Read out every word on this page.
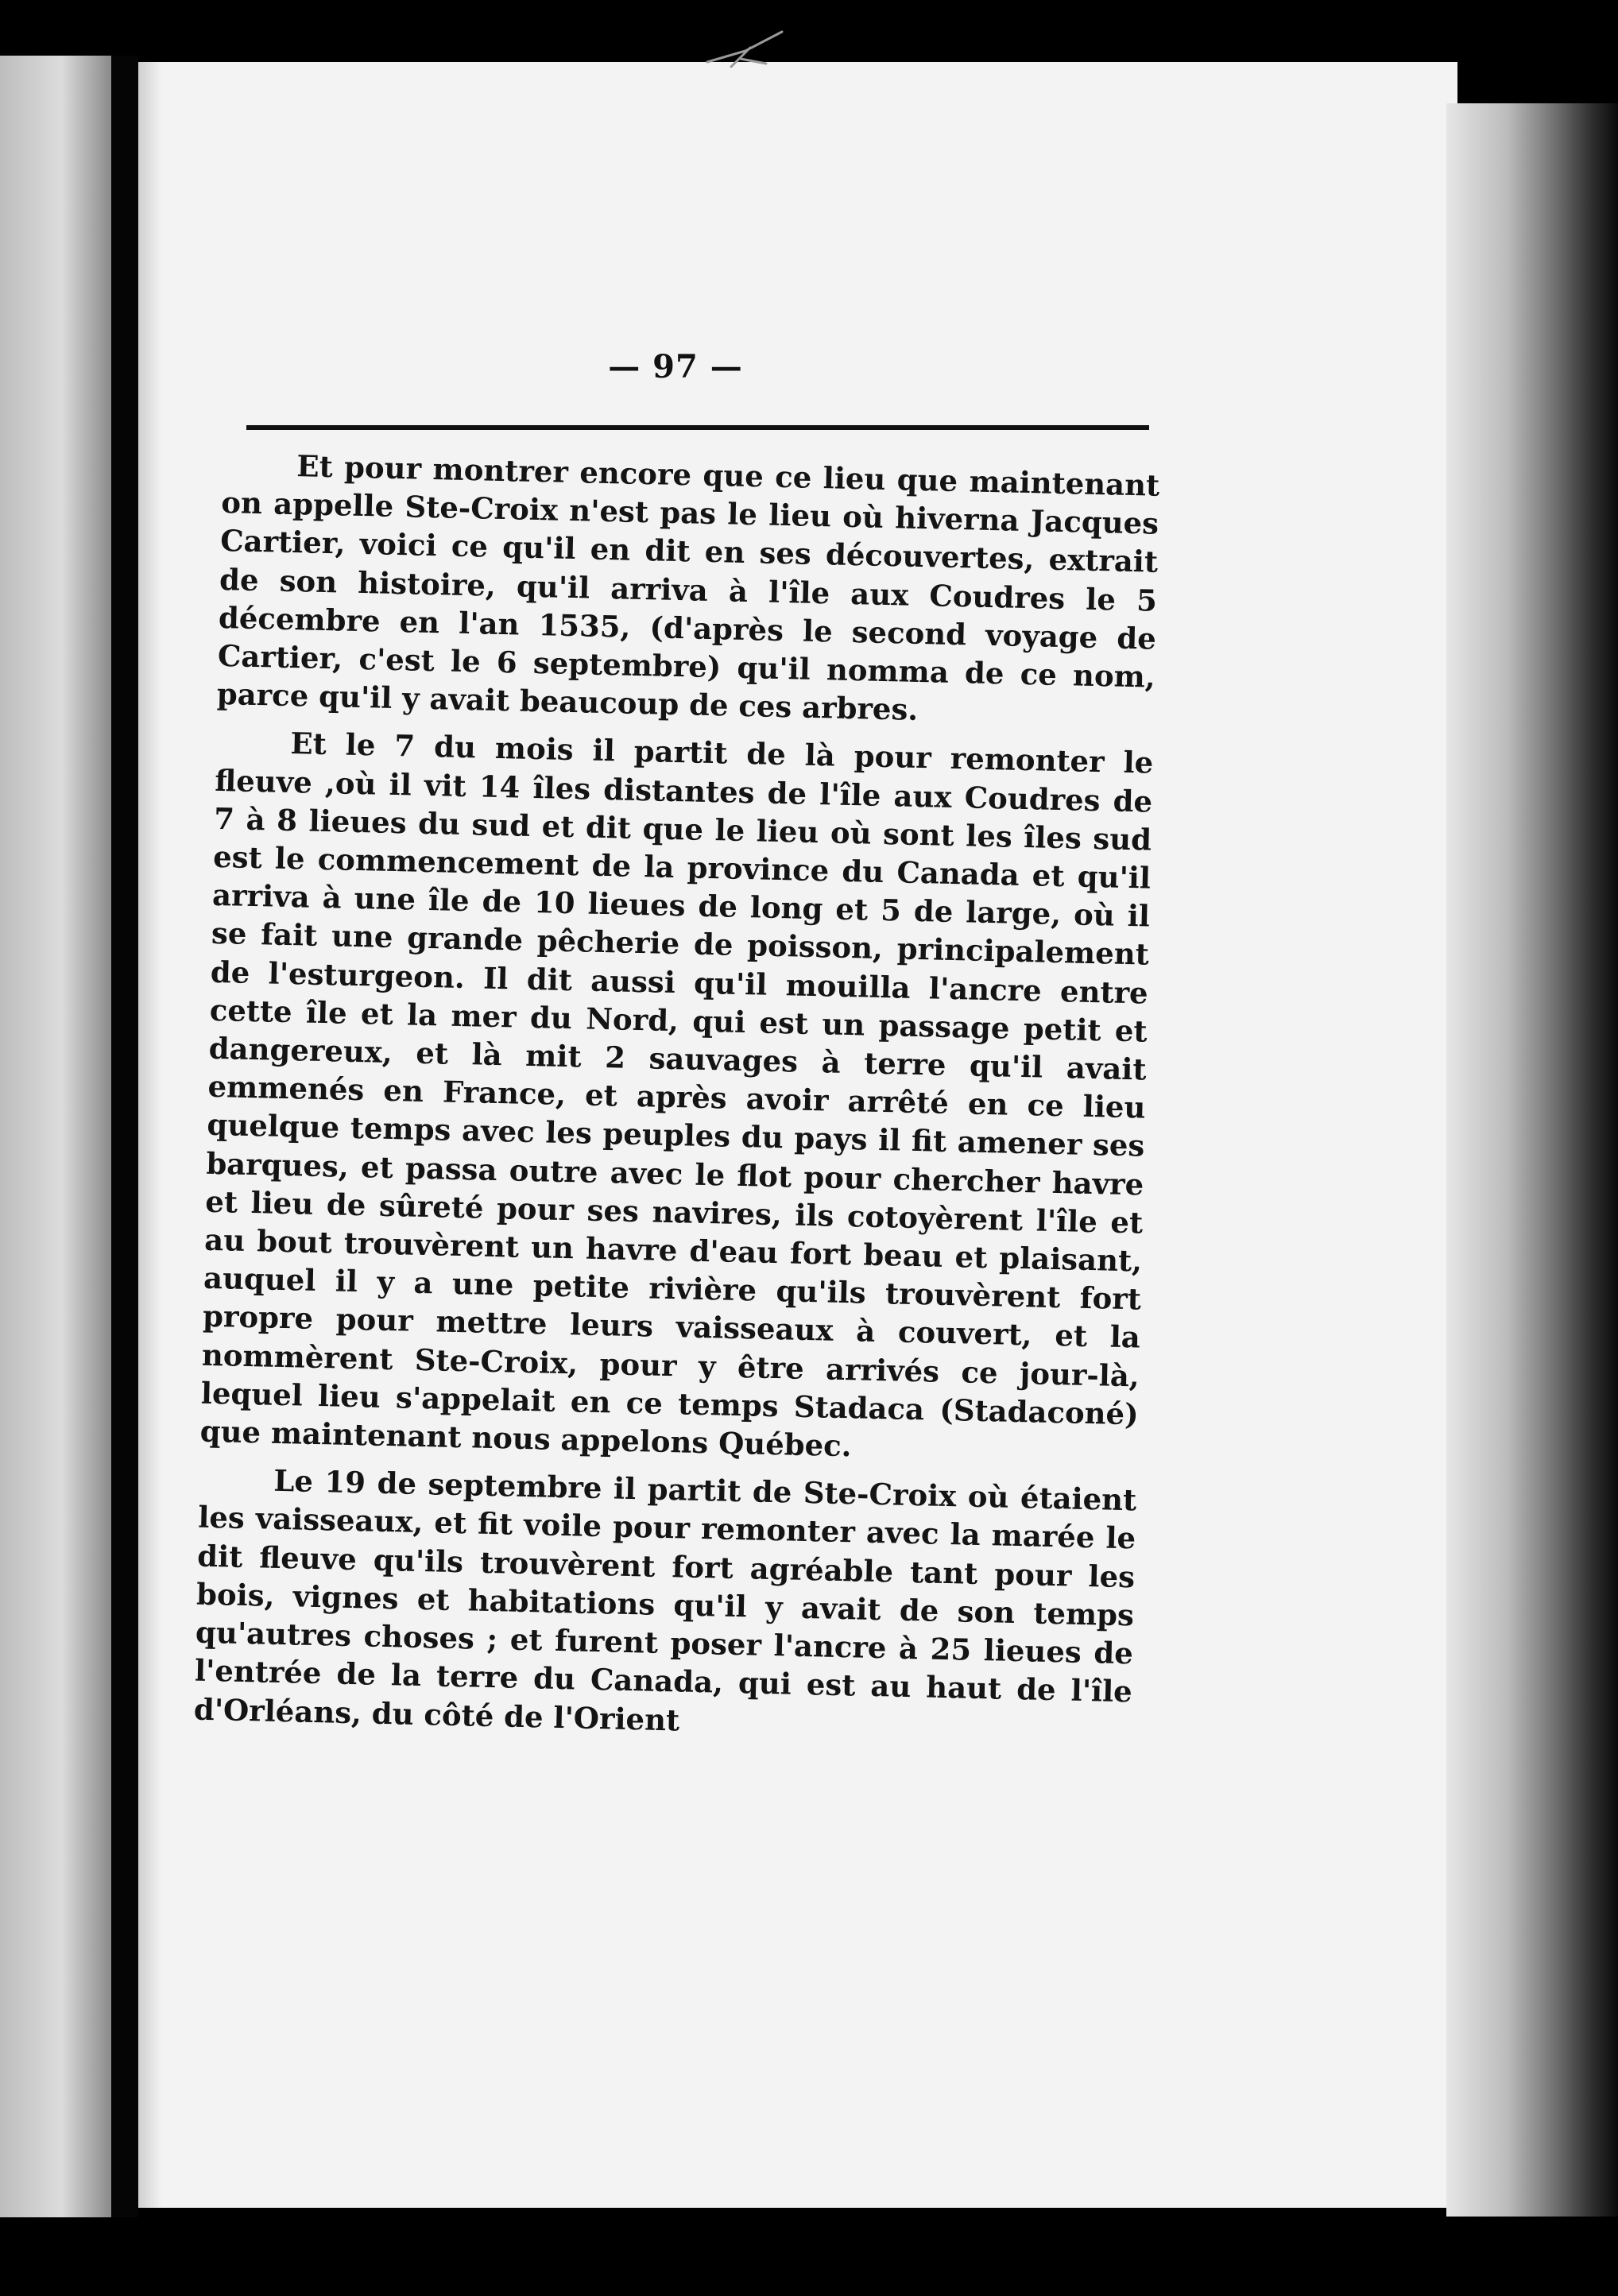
— 97 —

Et pour montrer encore que ce lieu que maintenant on appelle Ste-Croix n'est pas le lieu où hiverna Jacques Cartier, voici ce qu'il en dit en ses découvertes, extrait de son histoire, qu'il arriva à l'île aux Coudres le 5 décembre en l'an 1535, (d'après le second voyage de Cartier, c'est le 6 septembre) qu'il nomma de ce nom, parce qu'il y avait beaucoup de ces arbres.

Et le 7 du mois il partit de là pour remonter le fleuve ,où il vit 14 îles distantes de l'île aux Coudres de 7 à 8 lieues du sud et dit que le lieu où sont les îles sud est le commencement de la province du Canada et qu'il arriva à une île de 10 lieues de long et 5 de large, où il se fait une grande pêcherie de poisson, principalement de l'esturgeon. Il dit aussi qu'il mouilla l'ancre entre cette île et la mer du Nord, qui est un passage petit et dangereux, et là mit 2 sauvages à terre qu'il avait emmenés en France, et après avoir arrêté en ce lieu quelque temps avec les peuples du pays il fit amener ses barques, et passa outre avec le flot pour chercher havre et lieu de sûreté pour ses navires, ils cotoyèrent l'île et au bout trouvèrent un havre d'eau fort beau et plaisant, auquel il y a une petite rivière qu'ils trouvèrent fort propre pour mettre leurs vaisseaux à couvert, et la nommèrent Ste-Croix, pour y être arrivés ce jour-là, lequel lieu s'appelait en ce temps Stadaca (Stadaconé) que maintenant nous appelons Québec.

Le 19 de septembre il partit de Ste-Croix où étaient les vaisseaux, et fit voile pour remonter avec la marée le dit fleuve qu'ils trouvèrent fort agréable tant pour les bois, vignes et habitations qu'il y avait de son temps qu'autres choses ; et furent poser l'ancre à 25 lieues de l'entrée de la terre du Canada, qui est au haut de l'île d'Orléans, du côté de l'Orient
